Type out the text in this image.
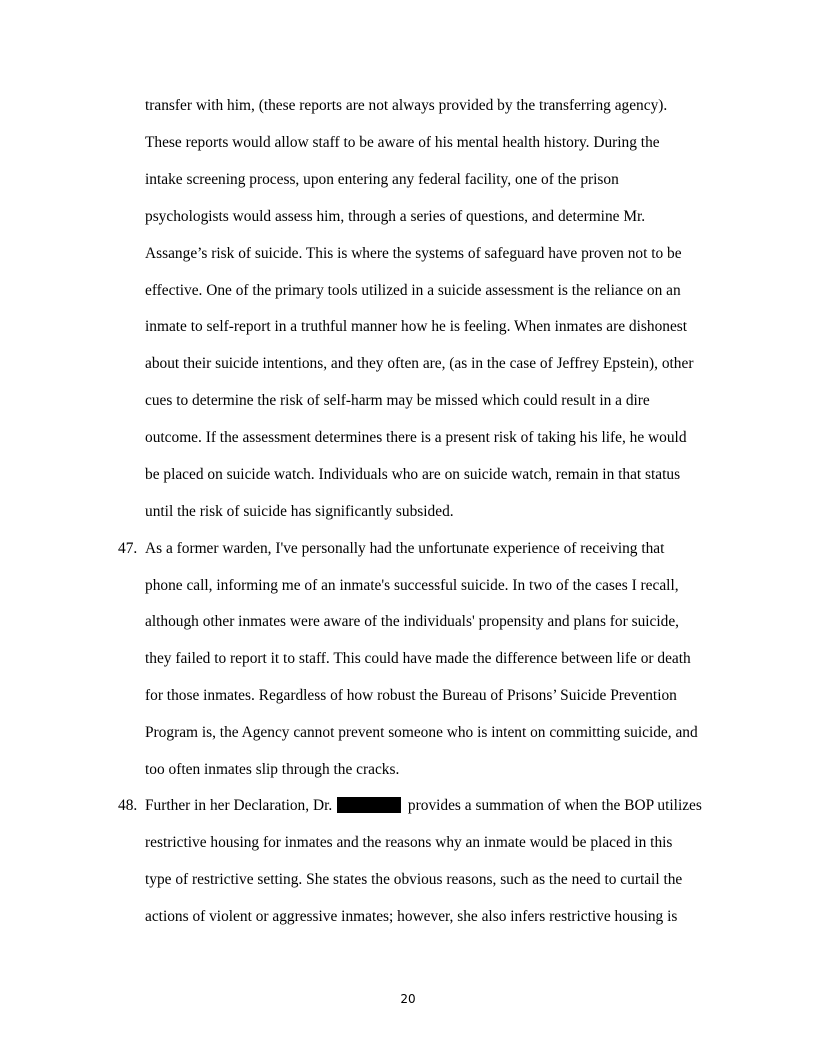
transfer with him, (these reports are not always provided by the transferring agency).
These reports would allow staff to be aware of his mental health history. During the
intake screening process, upon entering any federal facility, one of the prison
psychologists would assess him, through a series of questions, and determine Mr.
Assange’s risk of suicide. This is where the systems of safeguard have proven not to be
effective. One of the primary tools utilized in a suicide assessment is the reliance on an
inmate to self-report in a truthful manner how he is feeling. When inmates are dishonest
about their suicide intentions, and they often are, (as in the case of Jeffrey Epstein), other
cues to determine the risk of self-harm may be missed which could result in a dire
outcome. If the assessment determines there is a present risk of taking his life, he would
be placed on suicide watch. Individuals who are on suicide watch, remain in that status
until the risk of suicide has significantly subsided.
47. As a former warden, I've personally had the unfortunate experience of receiving that
phone call, informing me of an inmate's successful suicide. In two of the cases I recall,
although other inmates were aware of the individuals' propensity and plans for suicide,
they failed to report it to staff. This could have made the difference between life or death
for those inmates. Regardless of how robust the Bureau of Prisons’ Suicide Prevention
Program is, the Agency cannot prevent someone who is intent on committing suicide, and
too often inmates slip through the cracks.
48. Further in her Declaration, Dr.	provides a summation of when the BOP utilizes
restrictive housing for inmates and the reasons why an inmate would be placed in this
type of restrictive setting. She states the obvious reasons, such as the need to curtail the
actions of violent or aggressive inmates; however, she also infers restrictive housing is
20
